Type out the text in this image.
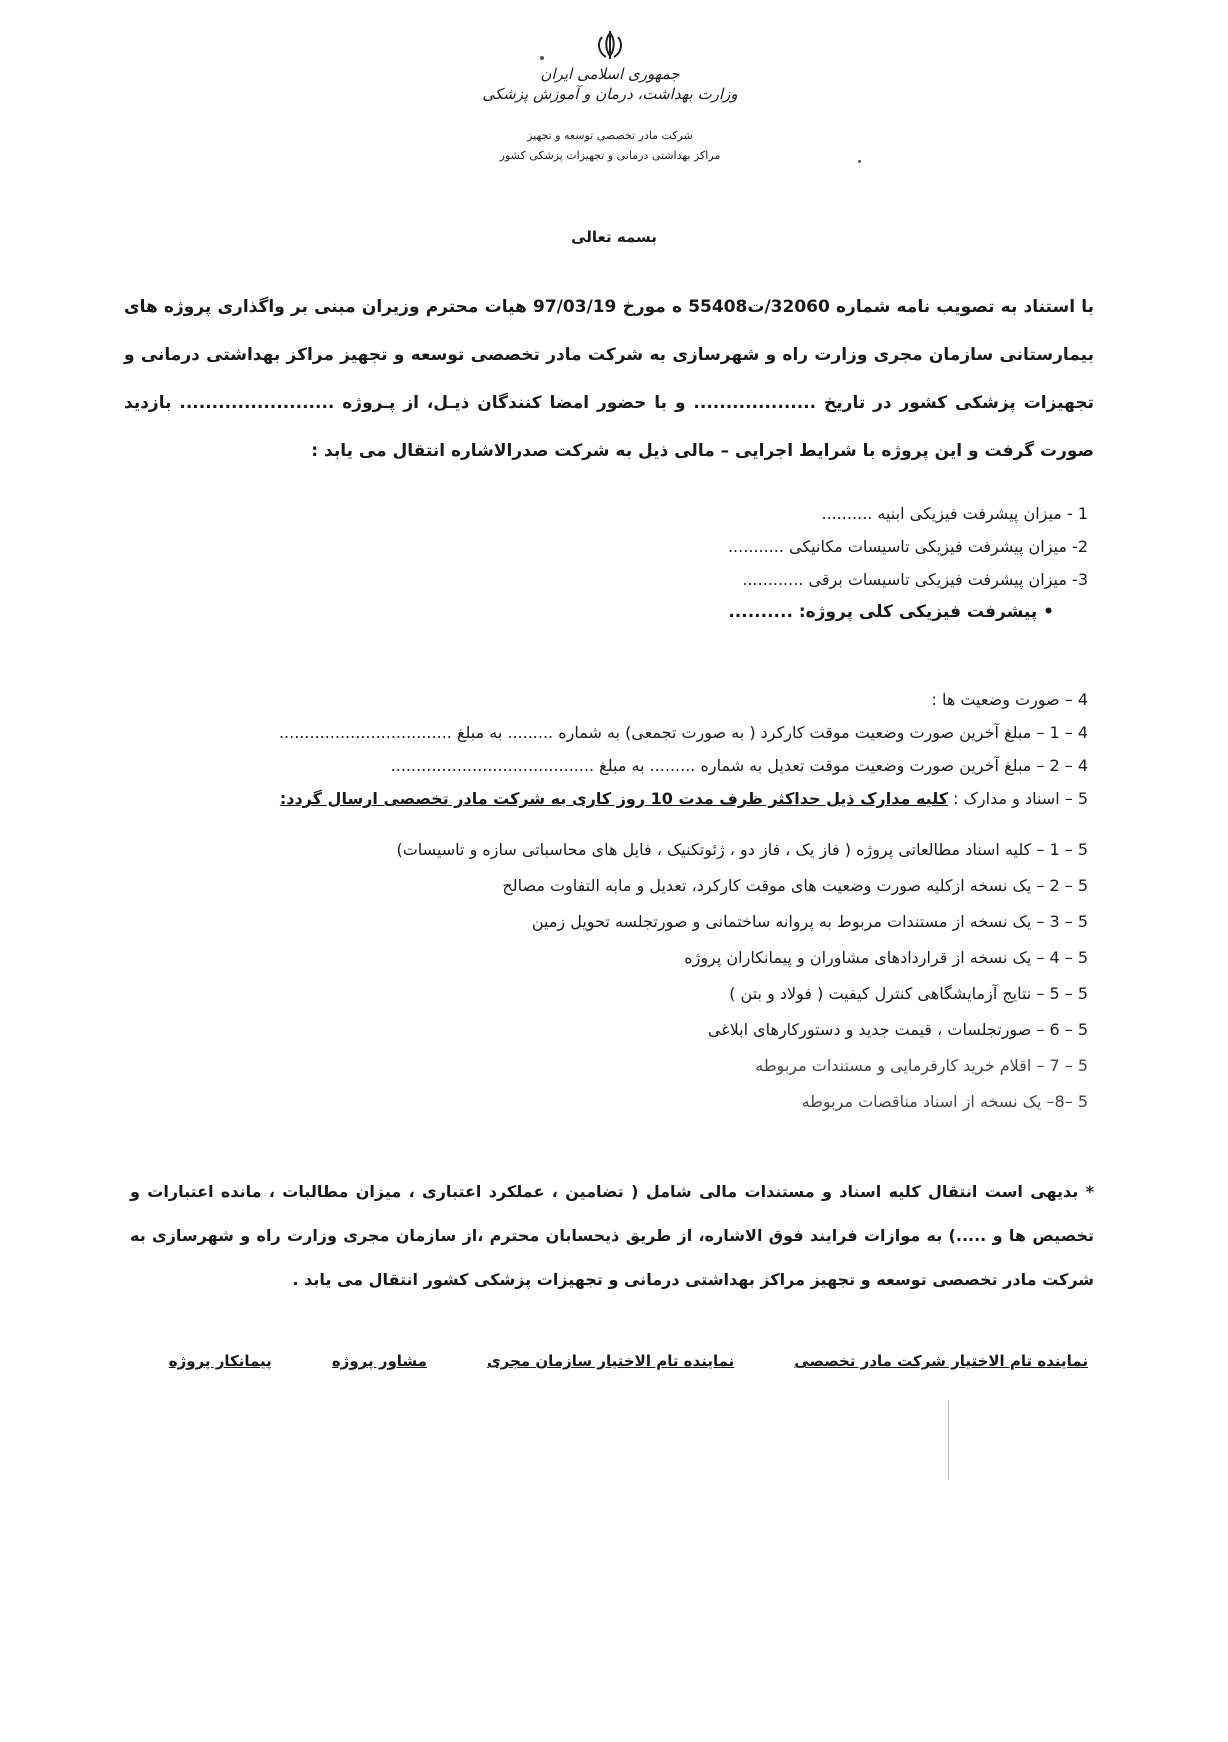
جمهوری اسلامی ایران
وزارت بهداشت، درمان و آموزش پزشکی
شرکت مادر تخصصی توسعه و تجهیز
مراکز بهداشتی درمانی و تجهیزات پزشکی کشور
بسمه تعالی
با استناد به تصویب نامه شماره 32060/ت55408 ه مورخ 97/03/19 هیات محترم وزیران مبنی بر واگذاری پروژه های بیمارستانی سازمان مجری وزارت راه و شهرسازی به شرکت مادر تخصصی توسعه و تجهیز مراکز بهداشتی درمانی و تجهیزات پزشکی کشور در تاریخ ................... و با حضور امضا کنندگان ذیـل، از پـروژه ........................ بازدید صورت گرفت و این پروژه با شرایط اجرایی – مالی ذیل به شرکت صدرالاشاره انتقال می یابد :
1 - میزان پیشرفت فیزیکی ابنیه ..........
2- میزان پیشرفت فیزیکی تاسیسات مکانیکی ...........
3- میزان پیشرفت فیزیکی تاسیسات برقی ............
• پیشرفت فیزیکی کلی پروژه: ..........
4 – صورت وضعیت ها :
4 – 1 – مبلغ آخرین صورت وضعیت موقت کارکرد ( به صورت تجمعی) به شماره ......... به مبلغ ..................................
4 – 2 – مبلغ آخرین صورت وضعیت موقت تعدیل به شماره ......... به مبلغ ........................................
5 – اسناد و مدارک : کلیه مدارک ذیل حداکثر ظرف مدت 10 روز کاری به شرکت مادر تخصصی ارسال گردد:
5 – 1 – کلیه اسناد مطالعاتی پروژه ( فاز یک ، فاز دو ، ژئوتکنیک ، فایل های محاسباتی سازه و تاسیسات)
5 – 2 – یک نسخه ازکلیه صورت وضعیت های موقت کارکرد، تعدیل و مابه التفاوت مصالح
5 – 3 – یک نسخه از مستندات مربوط به پروانه ساختمانی و صورتجلسه تحویل زمین
5 – 4 – یک نسخه از قراردادهای مشاوران و پیمانکاران پروژه
5 – 5 – نتایج آزمایشگاهی کنترل کیفیت ( فولاد و بتن )
5 – 6 – صورتجلسات ، قیمت جدید و دستورکارهای ابلاغی
5 – 7 – اقلام خرید کارفرمایی و مستندات مربوطه
5 –8– یک نسخه از اسناد مناقصات مربوطه
* بدیهی است انتقال کلیه اسناد و مستندات مالی شامل ( تضامین ، عملکرد اعتباری ، میزان مطالبات ، مانده اعتبارات و تخصیص ها و .....) به موازات فرایند فوق الاشاره، از طریق ذیحسابان محترم ،از سازمان مجری وزارت راه و شهرسازی به شرکت مادر تخصصی توسعه و تجهیز مراکز بهداشتی درمانی و تجهیزات پزشکی کشور انتقال می یابد .
نماینده تام الاختیار شرکت مادر تخصصی
نماینده تام الاختیار سازمان مجری
مشاور پروژه
پیمانکار پروژه
